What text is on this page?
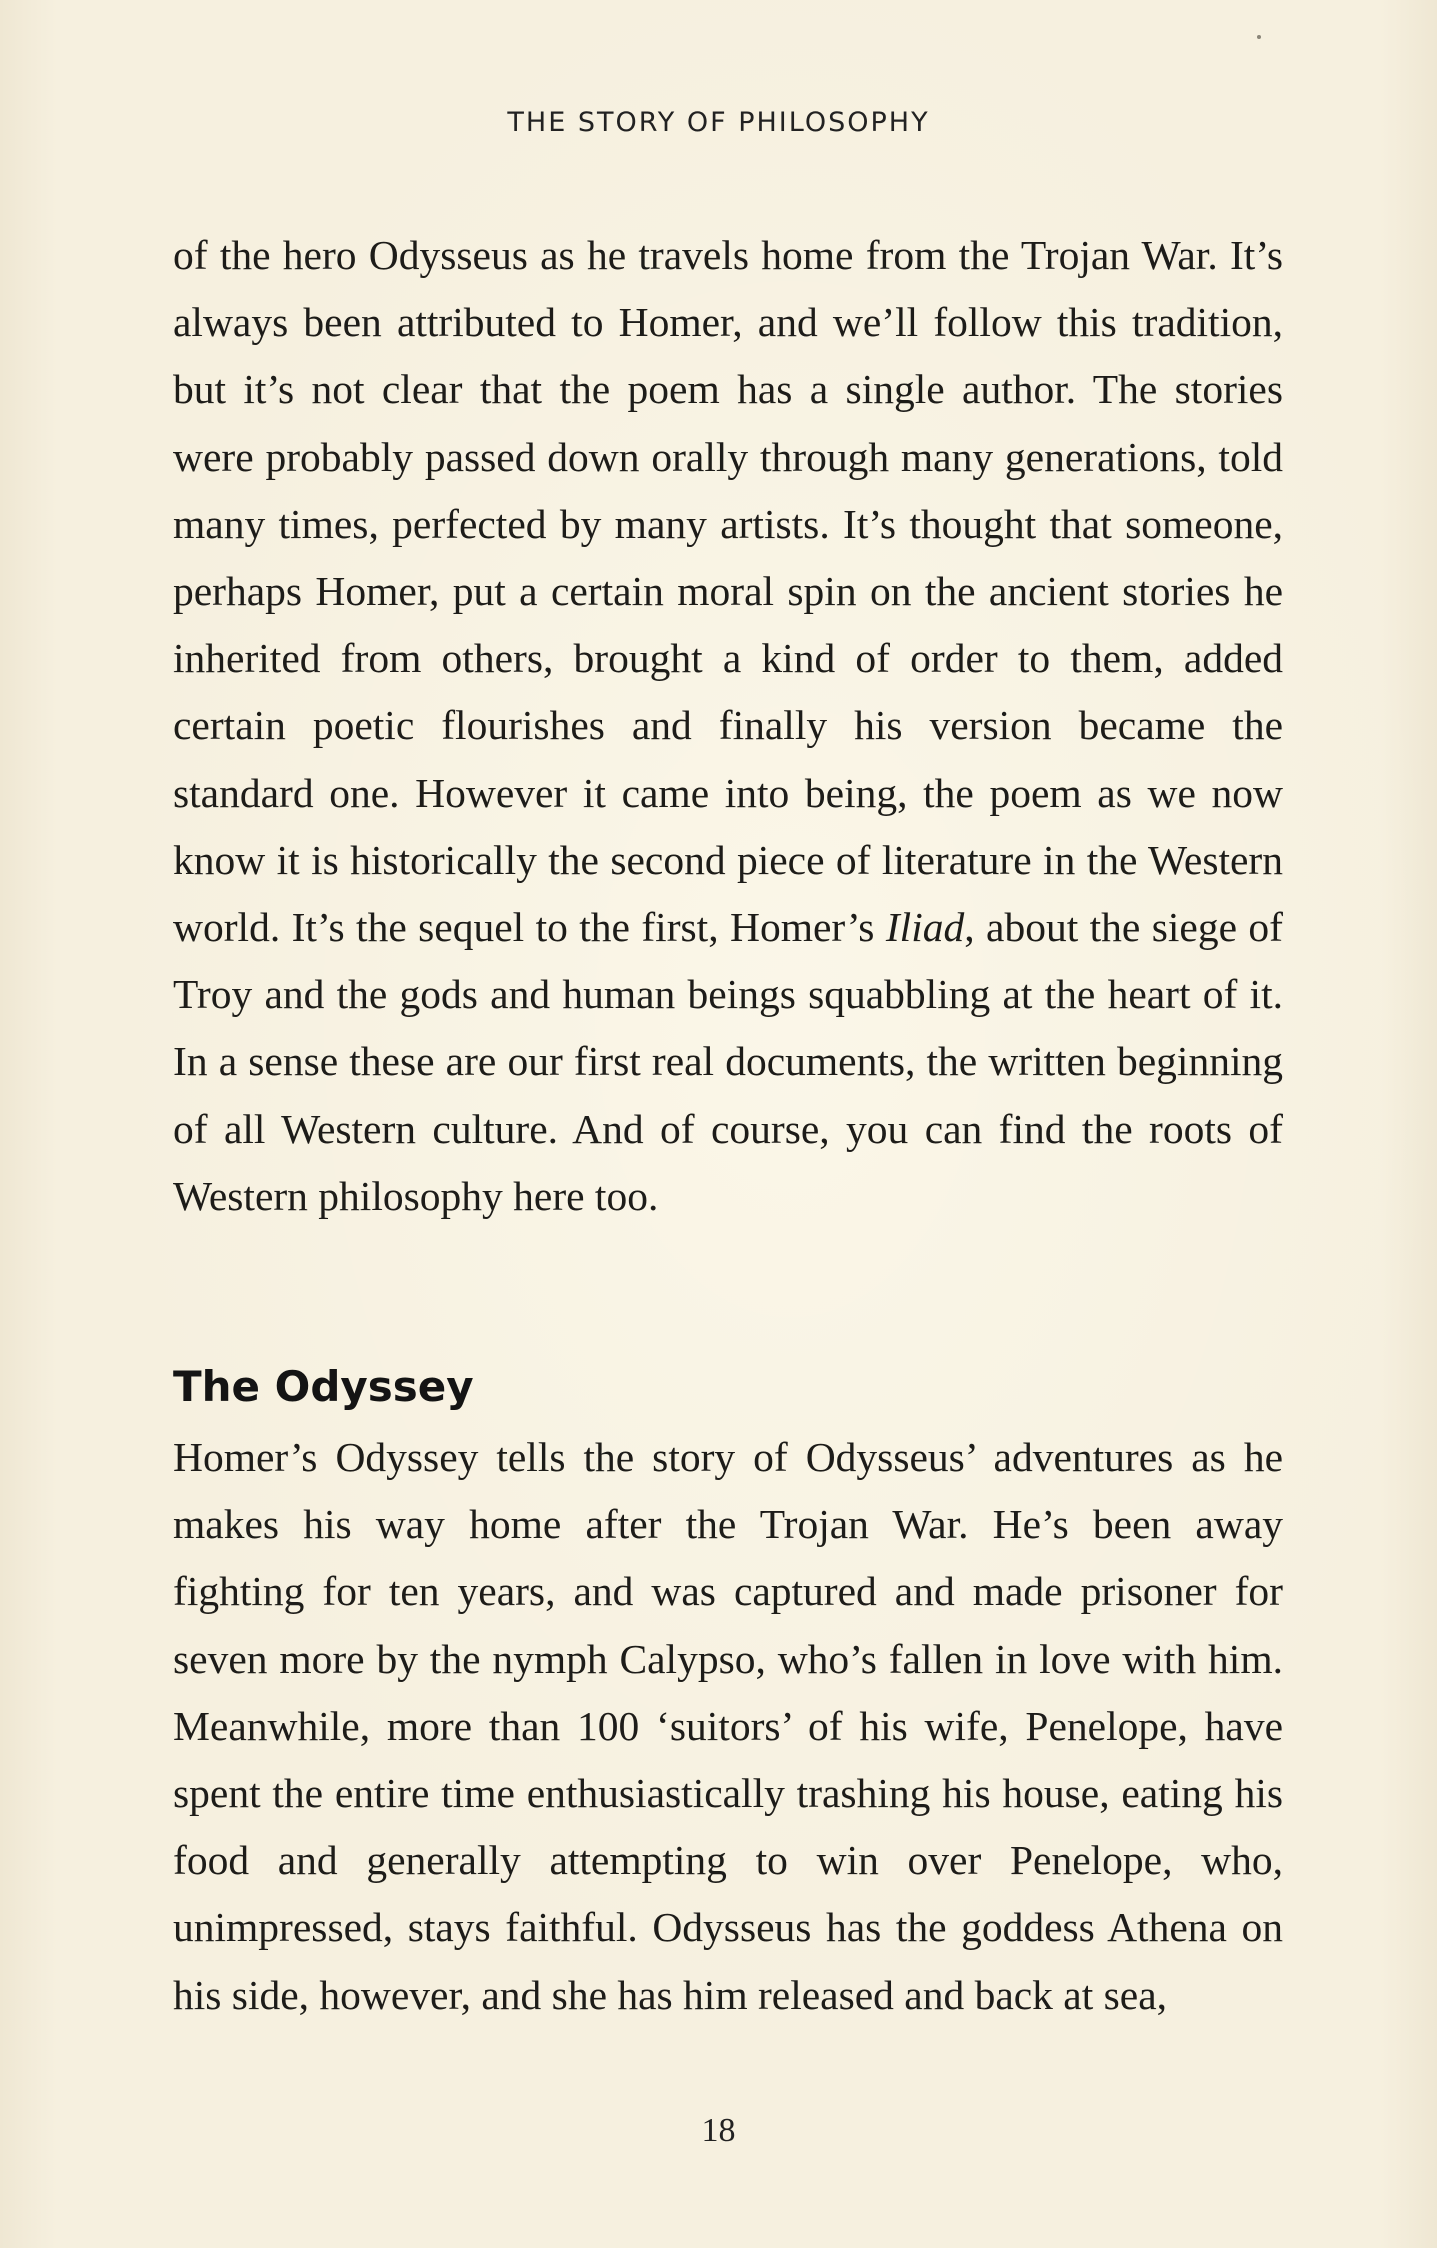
THE STORY OF PHILOSOPHY

of the hero Odysseus as he travels home from the Trojan War. It’s always been attributed to Homer, and we’ll follow this tradition, but it’s not clear that the poem has a single author. The stories were probably passed down orally through many generations, told many times, perfected by many artists. It’s thought that someone, perhaps Homer, put a certain moral spin on the ancient stories he inherited from others, brought a kind of order to them, added certain poetic flourishes and finally his version became the standard one. However it came into being, the poem as we now know it is historically the second piece of literature in the Western world. It’s the sequel to the first, Homer’s Iliad, about the siege of Troy and the gods and human beings squabbling at the heart of it. In a sense these are our first real documents, the written beginning of all Western culture. And of course, you can find the roots of Western philosophy here too.

The Odyssey

Homer’s Odyssey tells the story of Odysseus’ adventures as he makes his way home after the Trojan War. He’s been away fighting for ten years, and was captured and made prisoner for seven more by the nymph Calypso, who’s fallen in love with him. Meanwhile, more than 100 ‘suitors’ of his wife, Penelope, have spent the entire time enthusiastically trashing his house, eating his food and generally attempting to win over Penelope, who, unimpressed, stays faithful. Odysseus has the goddess Athena on his side, however, and she has him released and back at sea,

18
